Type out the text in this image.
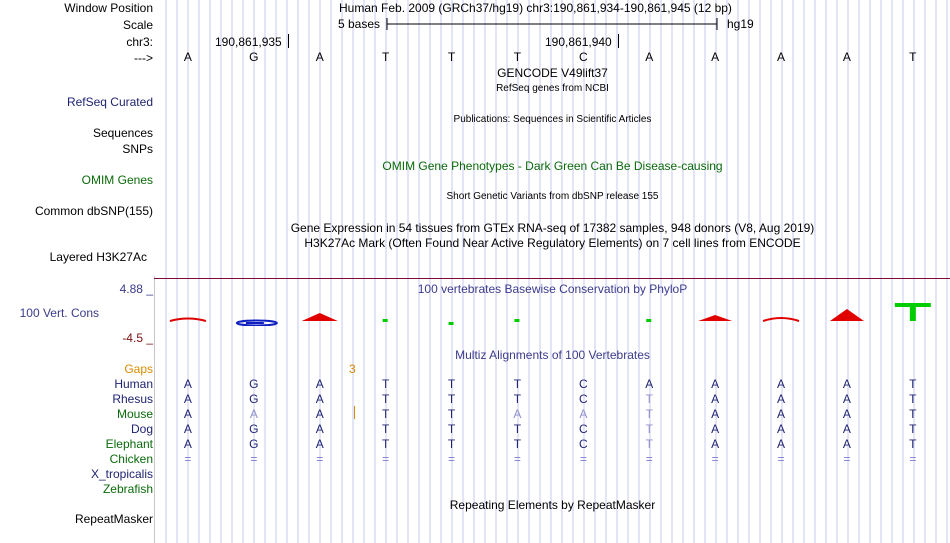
Window Position	Human Feb. 2009 (GRCh37/hg19) chr3:190,861,934-190,861,945 (12 bp)
Scale	5 bases	hg19
chr3:	190,861,935	190,861,940
--->	A	G	A	T	T	T	C	A	A	A	A	T
GENCODE V49lift37
RefSeq genes from NCBI
RefSeq Curated
Publications: Sequences in Scientific Articles
Sequences
SNPs
OMIM Gene Phenotypes - Dark Green Can Be Disease-causing
OMIM Genes
Short Genetic Variants from dbSNP release 155
Common dbSNP(155)
Gene Expression in 54 tissues from GTEx RNA-seq of 17382 samples, 948 donors (V8, Aug 2019)
H3K27Ac Mark (Often Found Near Active Regulatory Elements) on 7 cell lines from ENCODE
Layered H3K27Ac
4.88 _	100 vertebrates Basewise Conservation by PhyloP
100 Vert. Cons
-4.5 _
Multiz Alignments of 100 Vertebrates
Gaps	3
Human	A	G	A	T	T	T	C	A	A	A	A	T
Rhesus	A	G	A	T	T	T	C	T	A	A	A	T
Mouse	A	A	A	T	T	A	A	T	A	A	A	T
Dog	A	G	A	T	T	T	C	T	A	A	A	T
Elephant	A	G	A	T	T	T	C	T	A	A	A	T
Chicken	=	=	=	=	=	=	=	=	=	=	=	=
X_tropicalis
Zebrafish
Repeating Elements by RepeatMasker
RepeatMasker
